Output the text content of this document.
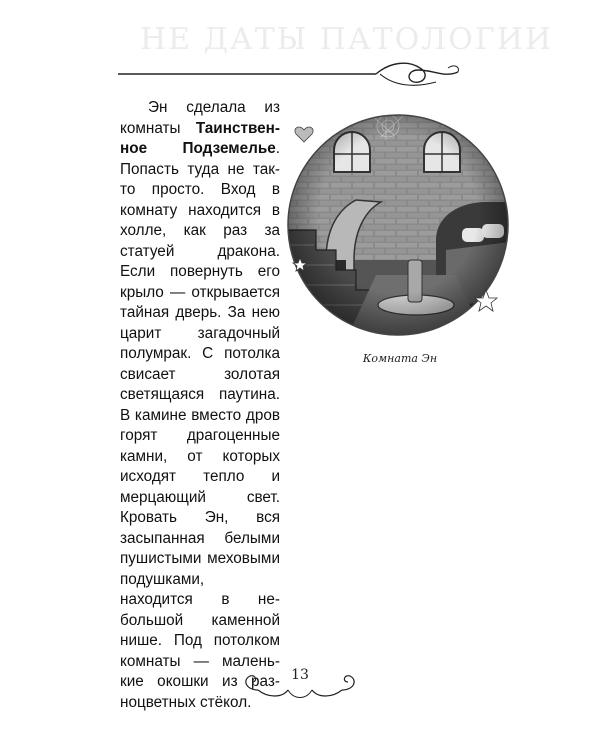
НЕ ДАТЫ ПАТОЛОГИИ

Эн сделала из комнаты Таинственное Подземелье. Попасть туда не так-то просто. Вход в комнату находится в холле, как раз за статуей дракона. Если повернуть его крыло — открывается тайная дверь. За нею царит загадочный полумрак. С потолка свисает золотая светящаяся паутина. В камине вместо дров горят драгоценные камни, от которых исходят тепло и мерцающий свет. Кровать Эн, вся засыпанная белыми пушистыми меховыми подушками, находится в небольшой каменной нише. Под потолком комнаты — маленькие окошки из разноцветных стёкол.

Комната Эн
13
